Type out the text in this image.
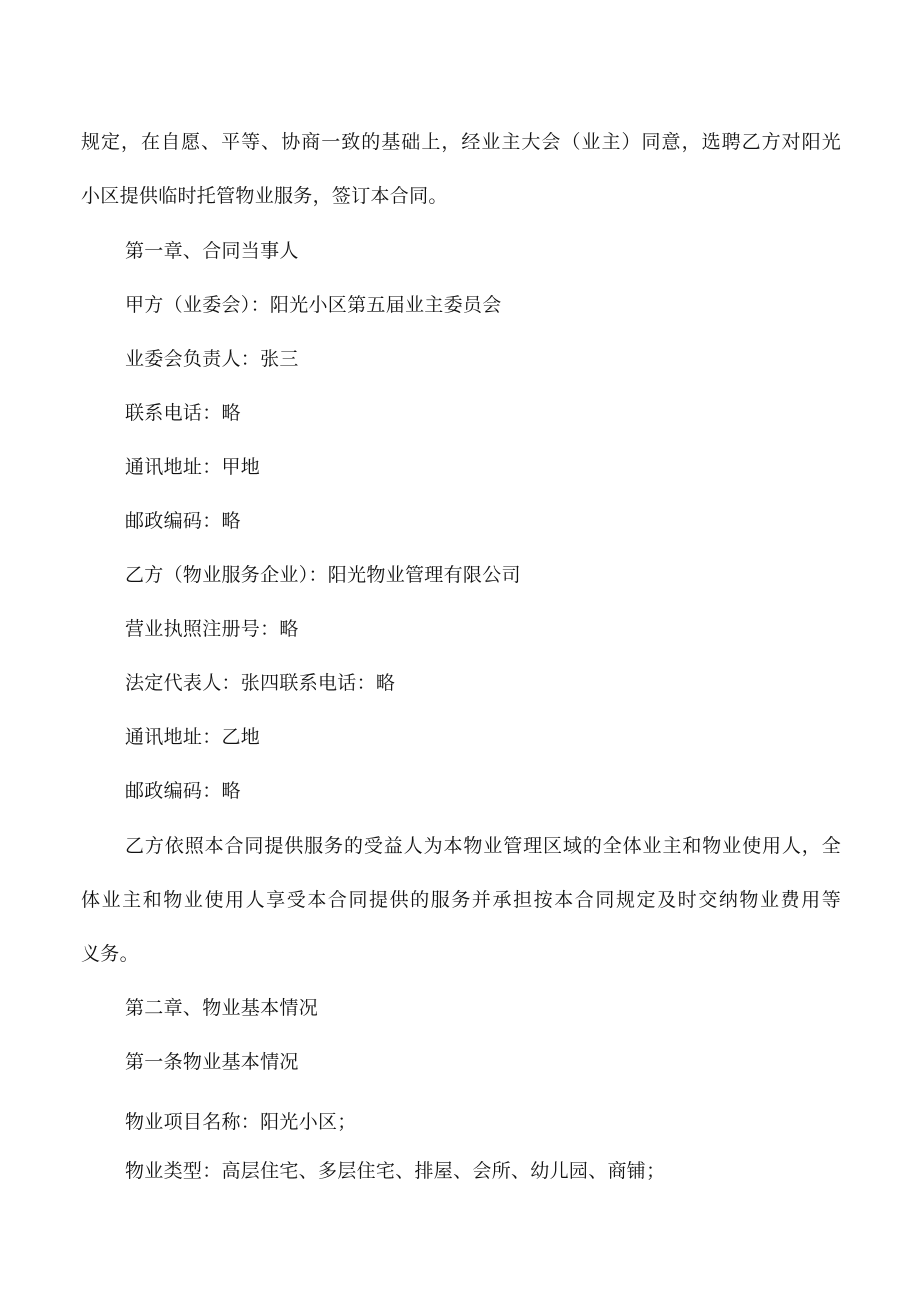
规定，在自愿、平等、协商一致的基础上，经业主大会（业主）同意，选聘乙方对阳光
小区提供临时托管物业服务，签订本合同。
第一章、合同当事人
甲方（业委会）：阳光小区第五届业主委员会
业委会负责人：张三
联系电话：略
通讯地址：甲地
邮政编码：略
乙方（物业服务企业）：阳光物业管理有限公司
营业执照注册号：略
法定代表人：张四联系电话：略
通讯地址：乙地
邮政编码：略
乙方依照本合同提供服务的受益人为本物业管理区域的全体业主和物业使用人，全
体业主和物业使用人享受本合同提供的服务并承担按本合同规定及时交纳物业费用等
义务。
第二章、物业基本情况
第一条物业基本情况
物业项目名称：阳光小区；
物业类型：高层住宅、多层住宅、排屋、会所、幼儿园、商铺；
